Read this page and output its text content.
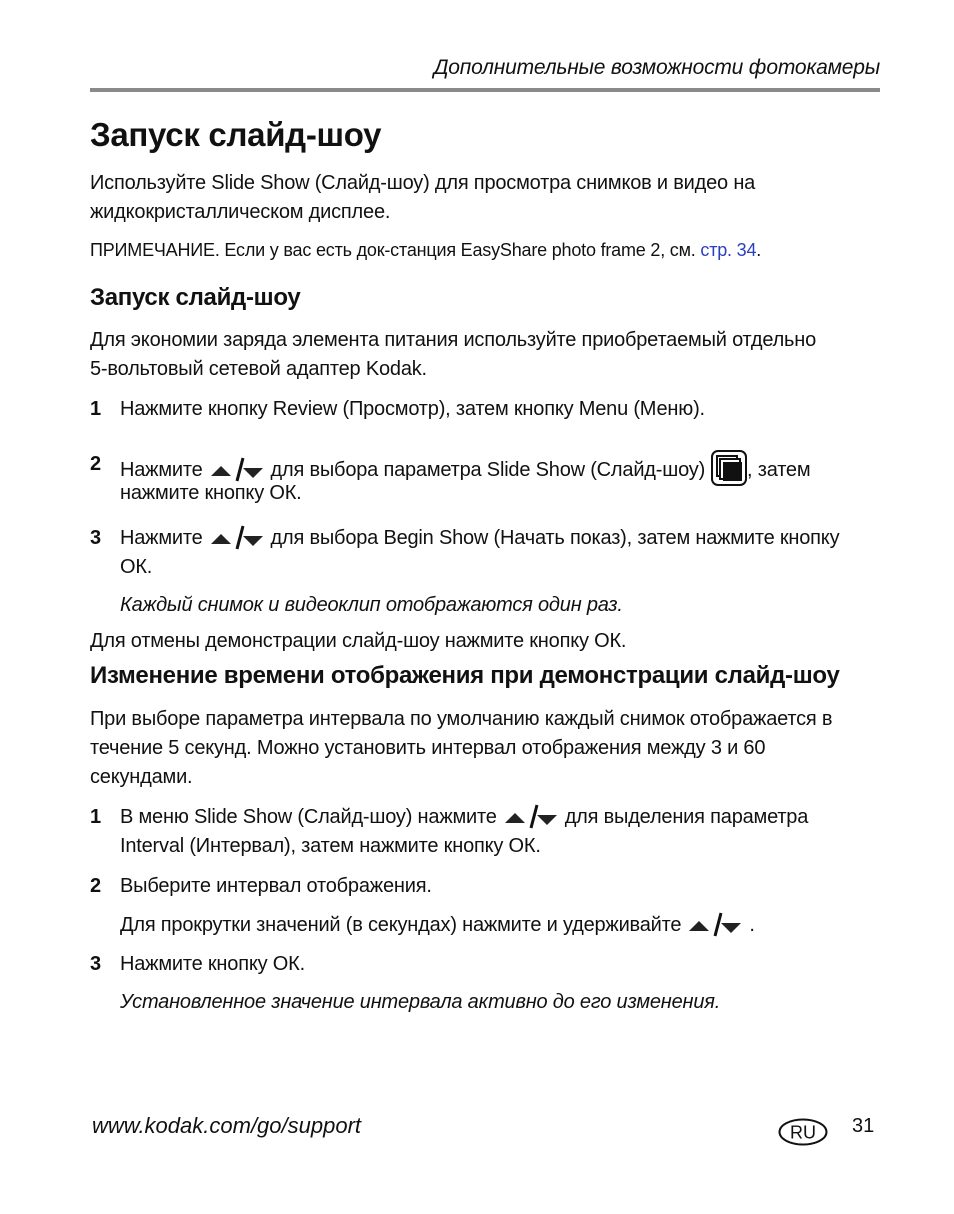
Дополнительные возможности фотокамеры
Запуск слайд-шоу
Используйте Slide Show (Слайд-шоу) для просмотра снимков и видео на
жидкокристаллическом дисплее.
ПРИМЕЧАНИЕ. Если у вас есть док-станция EasyShare photo frame 2, см. стр. 34.
Запуск слайд-шоу
Для экономии заряда элемента питания используйте приобретаемый отдельно
5-вольтовый сетевой адаптер Kodak.
1 Нажмите кнопку Review (Просмотр), затем кнопку Menu (Меню).
2 Нажмите	для выбора параметра Slide Show (Слайд-шоу) , затем
нажмите кнопку ОК.
3 Нажмите	для выбора Begin Show (Начать показ), затем нажмите кнопку
ОК.
Каждый снимок и видеоклип отображаются один раз.
Для отмены демонстрации слайд-шоу нажмите кнопку ОК.
Изменение времени отображения при демонстрации слайд-шоу
При выборе параметра интервала по умолчанию каждый снимок отображается в
течение 5 секунд. Можно установить интервал отображения между 3 и 60
секундами.
1 В меню Slide Show (Слайд-шоу) нажмите	для выделения параметра
Interval (Интервал), затем нажмите кнопку ОК.
2 Выберите интервал отображения.
Для прокрутки значений (в секундах) нажмите и удерживайте	.
3 Нажмите кнопку ОК.
Установленное значение интервала активно до его изменения.
www.kodak.com/go/support	RU 31
